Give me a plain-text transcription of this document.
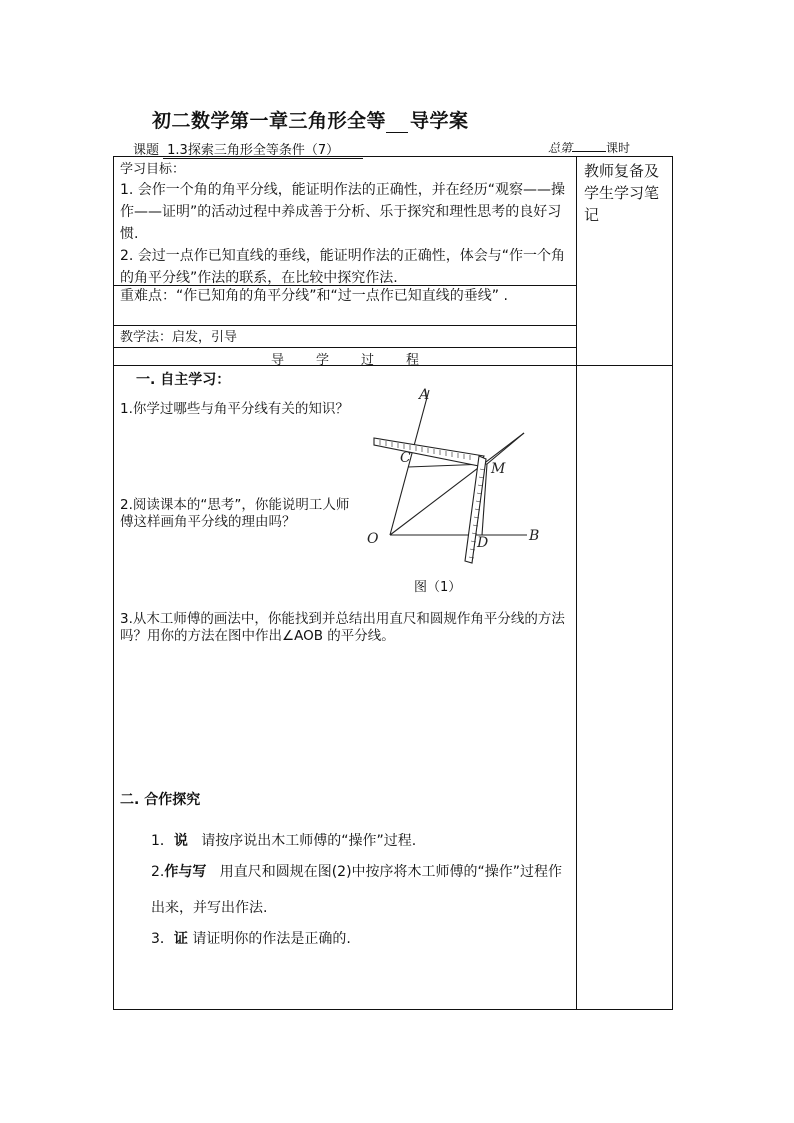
初二数学第一章三角形全等 导学案
课题 1.3探索三角形全等条件（7）	总第	课时
教师复备及学生学习笔记
学习目标：
1. 会作一个角的角平分线，能证明作法的正确性，并在经历“观察——操作——证明”的活动过程中养成善于分析、乐于探究和理性思考的良好习惯.
2. 会过一点作已知直线的垂线，能证明作法的正确性，体会与“作一个角的角平分线”作法的联系，在比较中探究作法.
重难点：“作已知角的角平分线”和“过一点作已知直线的垂线” .
教学法：启发，引导
导 学 过 程
一. 自主学习：
1.你学过哪些与角平分线有关的知识？
2.阅读课本的“思考”，你能说明工人师傅这样画角平分线的理由吗？
3.从木工师傅的画法中，你能找到并总结出用直尺和圆规作角平分线的方法吗？用你的方法在图中作出∠AOB 的平分线。
A
C
M
O	D	B
图（1）
二. 合作探究
1．说 请按序说出木工师傅的“操作”过程.
2.作与写 用直尺和圆规在图(2)中按序将木工师傅的“操作”过程作出来，并写出作法.
3．证 请证明你的作法是正确的.
